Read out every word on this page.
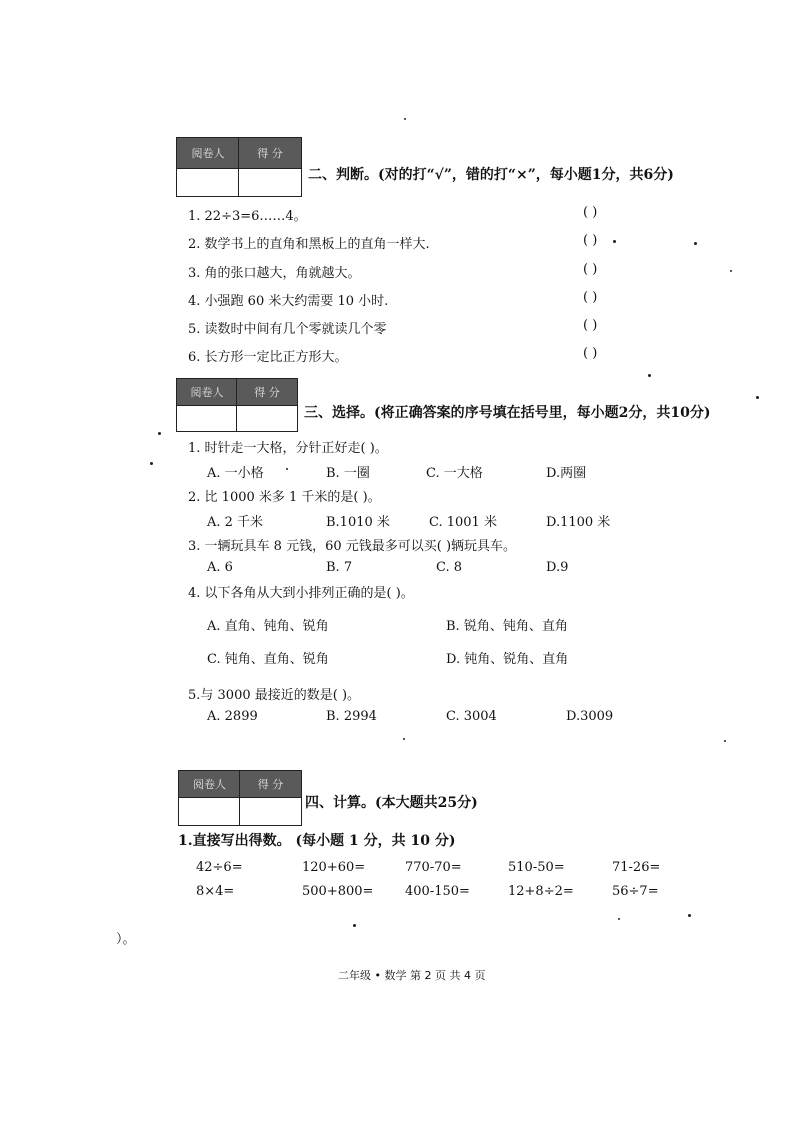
阅卷人	得 分
二、判断。(对的打“√”，错的打“×”，每小题1分，共6分)
1. 22÷3=6……4。	( )
2. 数学书上的直角和黑板上的直角一样大.	( )
3. 角的张口越大，角就越大。	( )
4. 小强跑 60 米大约需要 10 小时.	( )
5. 读数时中间有几个零就读几个零	( )
6. 长方形一定比正方形大。	( )
阅卷人	得 分
三、选择。(将正确答案的序号填在括号里，每小题2分，共10分)
1. 时针走一大格，分针正好走( )。
A. 一小格	B. 一圈	C. 一大格	D.两圈
2. 比 1000 米多 1 千米的是( )。
A. 2 千米	B.1010 米	C. 1001 米	D.1100 米
3. 一辆玩具车 8 元钱，60 元钱最多可以买( )辆玩具车。
A. 6	B. 7	C. 8	D.9
4. 以下各角从大到小排列正确的是( )。
A. 直角、钝角、锐角	B. 锐角、钝角、直角
C. 钝角、直角、锐角	D. 钝角、锐角、直角
5.与 3000 最接近的数是( )。
A. 2899	B. 2994	C. 3004	D.3009
阅卷人	得 分
四、计算。(本大题共25分)
1.直接写出得数。 (每小题 1 分，共 10 分)
42÷6=	120+60=	770-70=	510-50=	71-26=
8×4=	500+800= 400-150=	12+8÷2=	56÷7=
）。
二年级 • 数学 第 2 页 共 4 页
